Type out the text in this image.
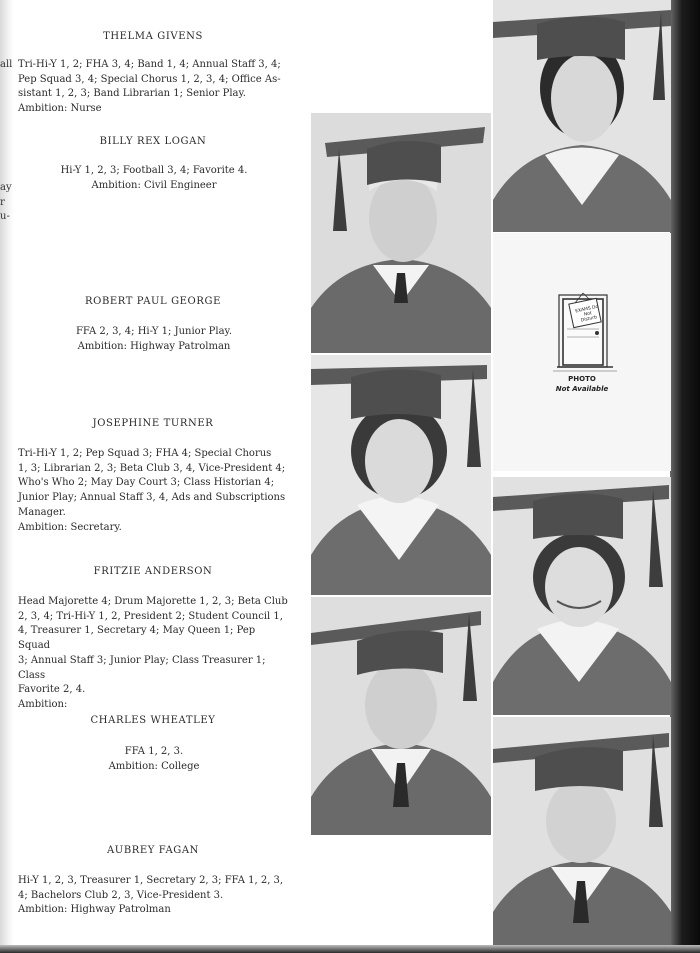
all
ay
r
u-
THELMA GIVENS
Tri-Hi-Y 1, 2; FHA 3, 4; Band 1, 4; Annual Staff 3, 4;
Pep Squad 3, 4; Special Chorus 1, 2, 3, 4; Office As-
sistant 1, 2, 3; Band Librarian 1; Senior Play.
Ambition: Nurse
BILLY REX LOGAN
Hi-Y 1, 2, 3; Football 3, 4; Favorite 4.
Ambition: Civil Engineer
ROBERT PAUL GEORGE
FFA 2, 3, 4; Hi-Y 1; Junior Play.
Ambition: Highway Patrolman
JOSEPHINE TURNER
Tri-Hi-Y 1, 2; Pep Squad 3; FHA 4; Special Chorus
1, 3; Librarian 2, 3; Beta Club 3, 4, Vice-President 4;
Who's Who 2; May Day Court 3; Class Historian 4;
Junior Play; Annual Staff 3, 4, Ads and Subscriptions
Manager.
Ambition: Secretary.
FRITZIE ANDERSON
Head Majorette 4; Drum Majorette 1, 2, 3; Beta Club
2, 3, 4; Tri-Hi-Y 1, 2, President 2; Student Council 1,
4, Treasurer 1, Secretary 4; May Queen 1; Pep Squad
3; Annual Staff 3; Junior Play; Class Treasurer 1; Class
Favorite 2, 4.
Ambition:
CHARLES WHEATLEY
FFA 1, 2, 3.
Ambition: College
AUBREY FAGAN
Hi-Y 1, 2, 3, Treasurer 1, Secretary 2, 3; FFA 1, 2, 3,
4; Bachelors Club 2, 3, Vice-President 3.
Ambition: Highway Patrolman
EXAMS Do Not Disturb
PHOTO
Not Available
